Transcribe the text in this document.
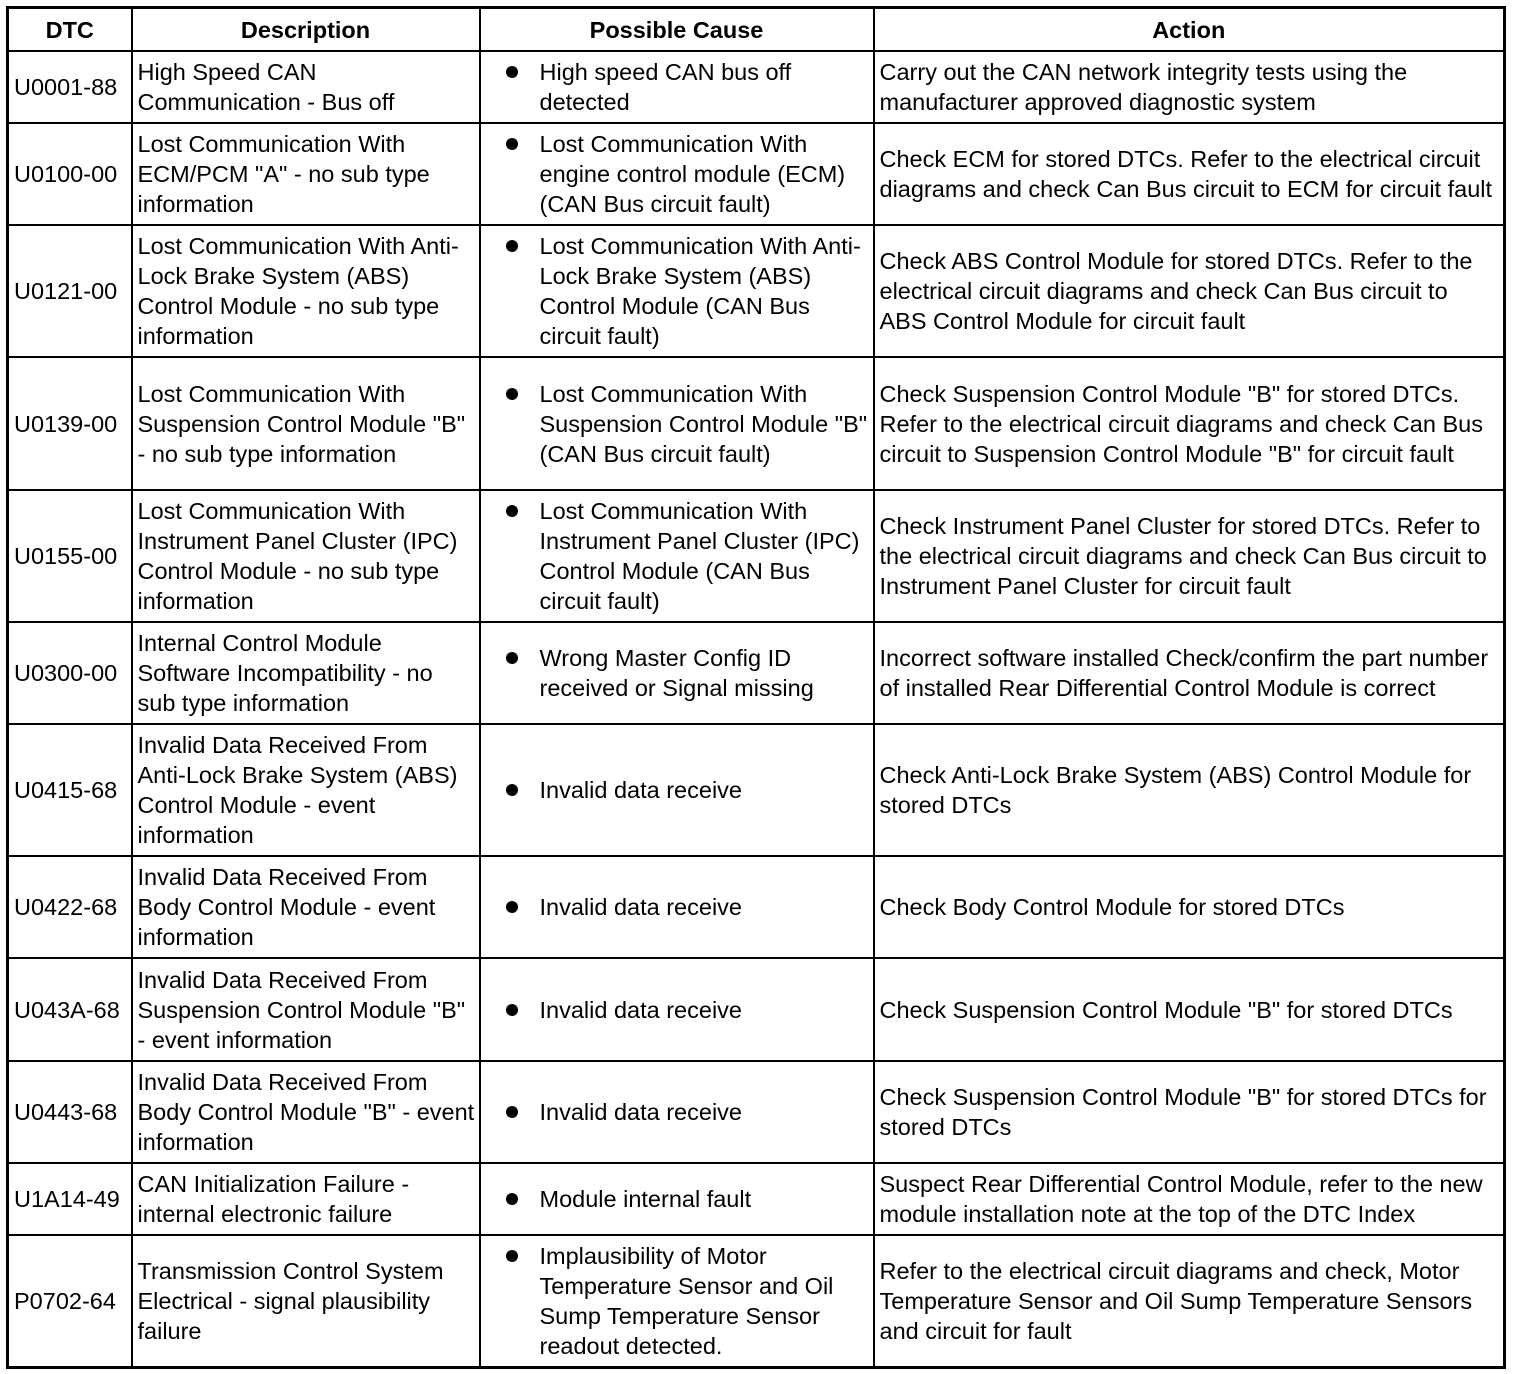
DTC	Description	Possible Cause	Action
U0001-88	High Speed CAN Communication - Bus off	High speed CAN bus off detected	Carry out the CAN network integrity tests using the manufacturer approved diagnostic system
U0100-00	Lost Communication With ECM/PCM "A" - no sub type information	Lost Communication With engine control module (ECM) (CAN Bus circuit fault)	Check ECM for stored DTCs. Refer to the electrical circuit diagrams and check Can Bus circuit to ECM for circuit fault
U0121-00	Lost Communication With Anti-Lock Brake System (ABS) Control Module - no sub type information	Lost Communication With Anti-Lock Brake System (ABS) Control Module (CAN Bus circuit fault)	Check ABS Control Module for stored DTCs. Refer to the electrical circuit diagrams and check Can Bus circuit to ABS Control Module for circuit fault
U0139-00	Lost Communication With Suspension Control Module "B" - no sub type information	Lost Communication With Suspension Control Module "B" (CAN Bus circuit fault)	Check Suspension Control Module "B" for stored DTCs. Refer to the electrical circuit diagrams and check Can Bus circuit to Suspension Control Module "B" for circuit fault
U0155-00	Lost Communication With Instrument Panel Cluster (IPC) Control Module - no sub type information	Lost Communication With Instrument Panel Cluster (IPC) Control Module (CAN Bus circuit fault)	Check Instrument Panel Cluster for stored DTCs. Refer to the electrical circuit diagrams and check Can Bus circuit to Instrument Panel Cluster for circuit fault
U0300-00	Internal Control Module Software Incompatibility - no sub type information	Wrong Master Config ID received or Signal missing	Incorrect software installed Check/confirm the part number of installed Rear Differential Control Module is correct
U0415-68	Invalid Data Received From Anti-Lock Brake System (ABS) Control Module - event information	Invalid data receive	Check Anti-Lock Brake System (ABS) Control Module for stored DTCs
U0422-68	Invalid Data Received From Body Control Module - event information	Invalid data receive	Check Body Control Module for stored DTCs
U043A-68	Invalid Data Received From Suspension Control Module "B" - event information	Invalid data receive	Check Suspension Control Module "B" for stored DTCs
U0443-68	Invalid Data Received From Body Control Module "B" - event information	Invalid data receive	Check Suspension Control Module "B" for stored DTCs for stored DTCs
U1A14-49	CAN Initialization Failure - internal electronic failure	Module internal fault	Suspect Rear Differential Control Module, refer to the new module installation note at the top of the DTC Index
P0702-64	Transmission Control System Electrical - signal plausibility failure	Implausibility of Motor Temperature Sensor and Oil Sump Temperature Sensor readout detected.	Refer to the electrical circuit diagrams and check, Motor Temperature Sensor and Oil Sump Temperature Sensors and circuit for fault
